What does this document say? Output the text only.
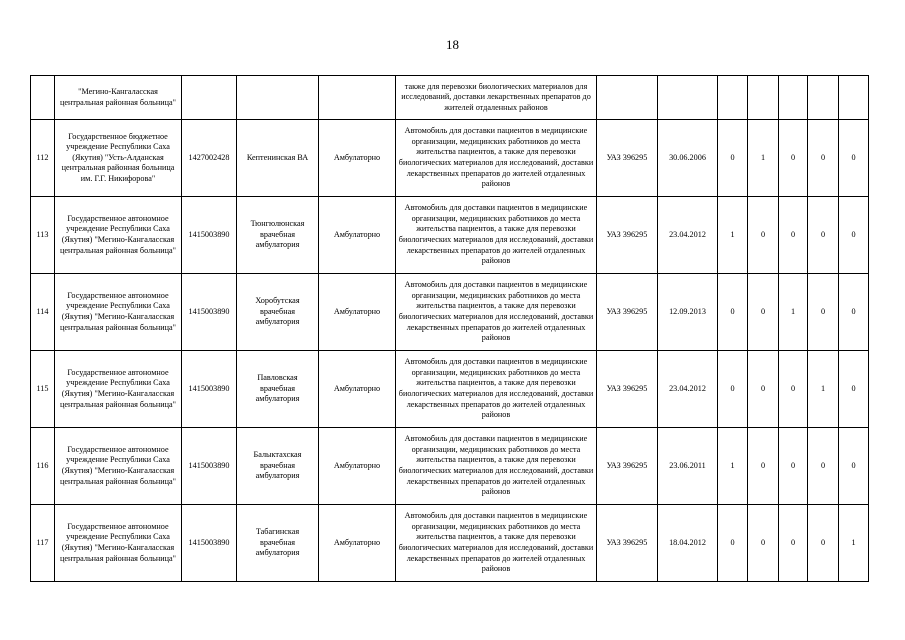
18
	"Мегино-Кангаласская центральная районная больница"				также для перевозки биологических материалов для исследований, доставки лекарственных препаратов до жителей отдаленных районов							
112	Государственное бюджетное учреждение Республики Саха (Якутия) "Усть-Алданская центральная районная больница им. Г.Г. Никифорова"	1427002428	Кептенинская ВА	Амбулаторно	Автомобиль для доставки пациентов в медицинские организации, медицинских работников до места жительства пациентов, а также для перевозки биологических материалов для исследований, доставки лекарственных препаратов до жителей отдаленных районов	УАЗ 396295	30.06.2006	0	1	0	0	0
113	Государственное автономное учреждение Республики Саха (Якутия) "Мегино-Кангаласская центральная районная больница"	1415003890	Тюнгюлюнская врачебная амбулатория	Амбулаторно	Автомобиль для доставки пациентов в медицинские организации, медицинских работников до места жительства пациентов, а также для перевозки биологических материалов для исследований, доставки лекарственных препаратов до жителей отдаленных районов	УАЗ 396295	23.04.2012	1	0	0	0	0
114	Государственное автономное учреждение Республики Саха (Якутия) "Мегино-Кангаласская центральная районная больница"	1415003890	Хоробутская врачебная амбулатория	Амбулаторно	Автомобиль для доставки пациентов в медицинские организации, медицинских работников до места жительства пациентов, а также для перевозки биологических материалов для исследований, доставки лекарственных препаратов до жителей отдаленных районов	УАЗ 396295	12.09.2013	0	0	1	0	0
115	Государственное автономное учреждение Республики Саха (Якутия) "Мегино-Кангаласская центральная районная больница"	1415003890	Павловская врачебная амбулатория	Амбулаторно	Автомобиль для доставки пациентов в медицинские организации, медицинских работников до места жительства пациентов, а также для перевозки биологических материалов для исследований, доставки лекарственных препаратов до жителей отдаленных районов	УАЗ 396295	23.04.2012	0	0	0	1	0
116	Государственное автономное учреждение Республики Саха (Якутия) "Мегино-Кангаласская центральная районная больница"	1415003890	Балыктахская врачебная амбулатория	Амбулаторно	Автомобиль для доставки пациентов в медицинские организации, медицинских работников до места жительства пациентов, а также для перевозки биологических материалов для исследований, доставки лекарственных препаратов до жителей отдаленных районов	УАЗ 396295	23.06.2011	1	0	0	0	0
117	Государственное автономное учреждение Республики Саха (Якутия) "Мегино-Кангаласская центральная районная больница"	1415003890	Табагинская врачебная амбулатория	Амбулаторно	Автомобиль для доставки пациентов в медицинские организации, медицинских работников до места жительства пациентов, а также для перевозки биологических материалов для исследований, доставки лекарственных препаратов до жителей отдаленных районов	УАЗ 396295	18.04.2012	0	0	0	0	1
